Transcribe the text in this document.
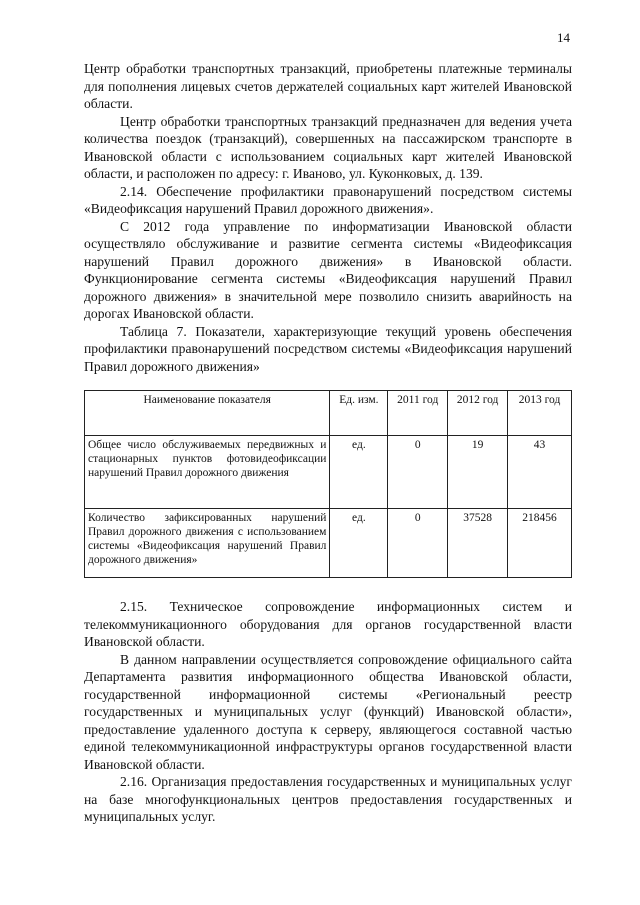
14

Центр обработки транспортных транзакций, приобретены платежные терминалы для пополнения лицевых счетов держателей социальных карт жителей Ивановской области.

Центр обработки транспортных транзакций предназначен для ведения учета количества поездок (транзакций), совершенных на пассажирском транспорте в Ивановской области с использованием социальных карт жителей Ивановской области, и расположен по адресу: г. Иваново, ул. Куконковых, д. 139.

2.14. Обеспечение профилактики правонарушений посредством системы «Видеофиксация нарушений Правил дорожного движения».

С 2012 года управление по информатизации Ивановской области осуществляло обслуживание и развитие сегмента системы «Видеофиксация нарушений Правил дорожного движения» в Ивановской области. Функционирование сегмента системы «Видеофиксация нарушений Правил дорожного движения» в значительной мере позволило снизить аварийность на дорогах Ивановской области.

Таблица 7. Показатели, характеризующие текущий уровень обеспечения профилактики правонарушений посредством системы «Видеофиксация нарушений Правил дорожного движения»

Наименование показателя	Ед. изм.	2011 год	2012 год	2013 год
Общее число обслуживаемых передвижных и стационарных пунктов фотовидеофиксации нарушений Правил дорожного движения	ед.	0	19	43
Количество зафиксированных нарушений Правил дорожного движения с использованием системы «Видеофиксация нарушений Правил дорожного движения»	ед.	0	37528	218456

2.15. Техническое сопровождение информационных систем и телекоммуникационного оборудования для органов государственной власти Ивановской области.

В данном направлении осуществляется сопровождение официального сайта Департамента развития информационного общества Ивановской области, государственной информационной системы «Региональный реестр государственных и муниципальных услуг (функций) Ивановской области», предоставление удаленного доступа к серверу, являющегося составной частью единой телекоммуникационной инфраструктуры органов государственной власти Ивановской области.

2.16. Организация предоставления государственных и муниципальных услуг на базе многофункциональных центров предоставления государственных и муниципальных услуг.
